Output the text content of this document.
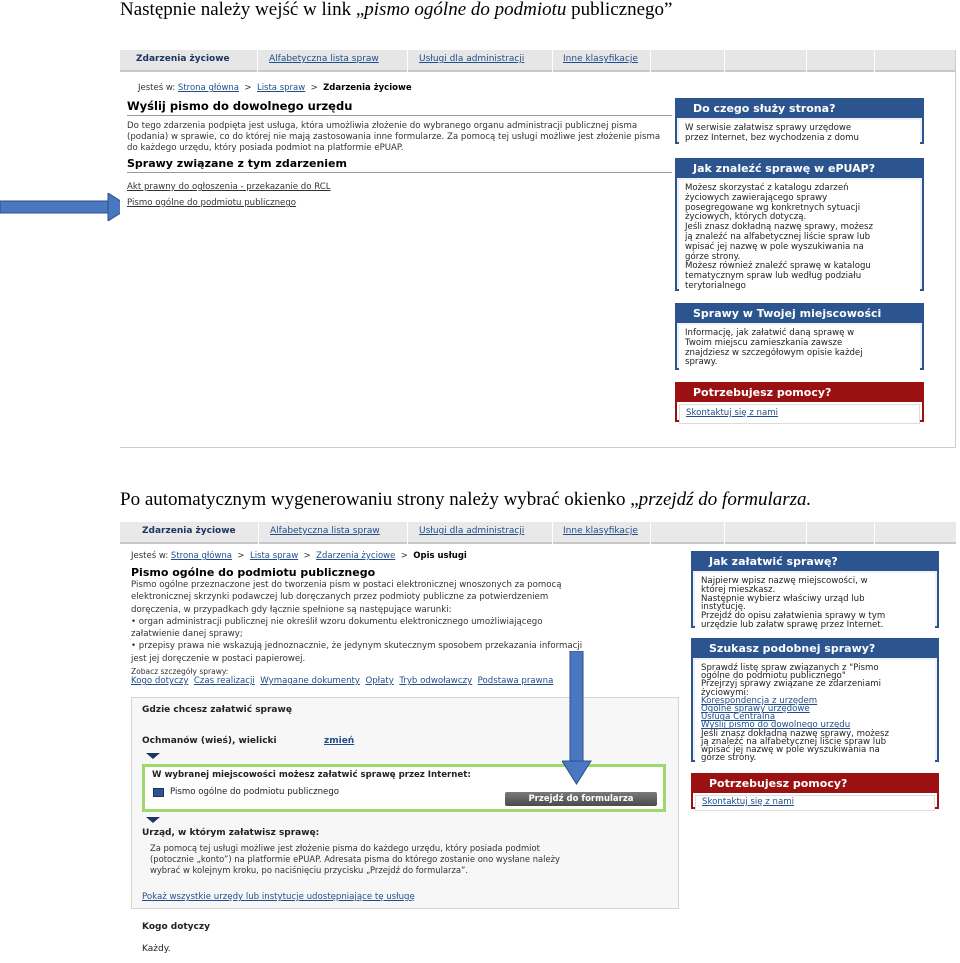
Następnie należy wejść w link „pismo ogólne do podmiotu publicznego”
Po automatycznym wygenerowaniu strony należy wybrać okienko „przejdź do formularza.
Zdarzenia życiowe	Alfabetyczna lista spraw	Usługi dla administracji	Inne klasyfikacje
Jesteś w: Strona główna  >  Lista spraw  >  Zdarzenia życiowe
Wyślij pismo do dowolnego urzędu
Do tego zdarzenia podpięta jest usługa, która umożliwia złożenie do wybranego organu administracji publicznej pisma (podania) w sprawie, co do której nie mają zastosowania inne formularze. Za pomocą tej usługi możliwe jest złożenie pisma do każdego urzędu, który posiada podmiot na platformie ePUAP.
Sprawy związane z tym zdarzeniem
Akt prawny do ogłoszenia - przekazanie do RCL
Pismo ogólne do podmiotu publicznego
Do czego służy strona?
W serwisie załatwisz sprawy urzędowe
przez Internet, bez wychodzenia z domu
Jak znaleźć sprawę w ePUAP?
Możesz skorzystać z katalogu zdarzeń
życiowych zawierającego sprawy
posegregowane wg konkretnych sytuacji
życiowych, których dotyczą.
Jeśli znasz dokładną nazwę sprawy, możesz
ją znaleźć na alfabetycznej liście spraw lub
wpisać jej nazwę w pole wyszukiwania na
górze strony.
Możesz również znaleźć sprawę w katalogu
tematycznym spraw lub według podziału
terytorialnego
Sprawy w Twojej miejscowości
Informację, jak załatwić daną sprawę w
Twoim miejscu zamieszkania zawsze
znajdziesz w szczegółowym opisie każdej
sprawy.
Potrzebujesz pomocy?
Skontaktuj się z nami
Zdarzenia życiowe	Alfabetyczna lista spraw	Usługi dla administracji	Inne klasyfikacje
Jesteś w: Strona główna  >  Lista spraw  >  Zdarzenia życiowe  >  Opis usługi
Pismo ogólne do podmiotu publicznego
Pismo ogólne przeznaczone jest do tworzenia pism w postaci elektronicznej wnoszonych za pomocą
elektronicznej skrzynki podawczej lub doręczanych przez podmioty publiczne za potwierdzeniem
doręczenia, w przypadkach gdy łącznie spełnione są następujące warunki:
• organ administracji publicznej nie określił wzoru dokumentu elektronicznego umożliwiającego
załatwienie danej sprawy;
• przepisy prawa nie wskazują jednoznacznie, że jedynym skutecznym sposobem przekazania informacji
jest jej doręczenie w postaci papierowej.
Zobacz szczegóły sprawy:
Kogo dotyczy Czas realizacji Wymagane dokumenty Opłaty Tryb odwoławczy Podstawa prawna
Gdzie chcesz załatwić sprawę
Ochmanów (wieś), wielicki	zmień
W wybranej miejscowości możesz załatwić sprawę przez Internet:
Pismo ogólne do podmiotu publicznego
Przejdź do formularza
Urząd, w którym załatwisz sprawę:
Za pomocą tej usługi możliwe jest złożenie pisma do każdego urzędu, który posiada podmiot
(potocznie „konto”) na platformie ePUAP. Adresata pisma do którego zostanie ono wysłane należy
wybrać w kolejnym kroku, po naciśnięciu przycisku „Przejdź do formularza”.
Pokaż wszystkie urzędy lub instytucje udostępniające tę usługę
Kogo dotyczy
Każdy.
Jak załatwić sprawę?
Najpierw wpisz nazwę miejscowości, w
której mieszkasz.
Następnie wybierz właściwy urząd lub
instytucję.
Przejdź do opisu załatwienia sprawy w tym
urzędzie lub załatw sprawę przez Internet.
Szukasz podobnej sprawy?
Sprawdź listę spraw związanych z "Pismo
ogólne do podmiotu publicznego"
Przejrzyj sprawy związane ze zdarzeniami
życiowymi:
Korespondencja z urzędem
Ogólne sprawy urzędowe
Usługa Centralna
Wyślij pismo do dowolnego urzędu
Jeśli znasz dokładną nazwę sprawy, możesz
ją znaleźć na alfabetycznej liście spraw lub
wpisać jej nazwę w pole wyszukiwania na
górze strony.
Potrzebujesz pomocy?
Skontaktuj się z nami
